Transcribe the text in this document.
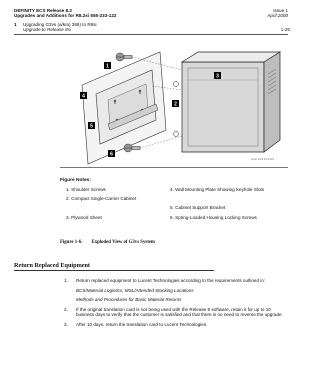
DEFINITY ECS Release 8.2
Upgrades and Additions for R8.2si 555-233-122
Issue 1
April 2000
1 Upgrading G3vs (a/k/a) 386) to R8si
Upgrade to Release 8si	1-25
1
2
3
4
5
6
pcnv 1 0 d 2 0 0 3 0
Figure Notes:
1. Shoulder Screws
2. Compact Single-Carrier Cabinet
3. Plywood Sheet
4. Wall Mounting Plate Showing Keyhole Slots
5. Cabinet Support Bracket
6. Spring-Loaded Housing Locking Screws
Figure 1-6. Exploded View of G3vs System
Return Replaced Equipment
1. Return replaced equipment to Lucent Technologies according to the requirements outlined in:
BCS/Material Logistics, MSL/Attended Stocking Locations
Methods and Procedures for Basic Material Returns
2. If the original translation card is not being used with the Release 8 software, retain it for up to 10 business days to verify that the customer is satisfied and that there is no need to reverse the upgrade.
3. After 10 days, return the translation card to Lucent Technologies.
